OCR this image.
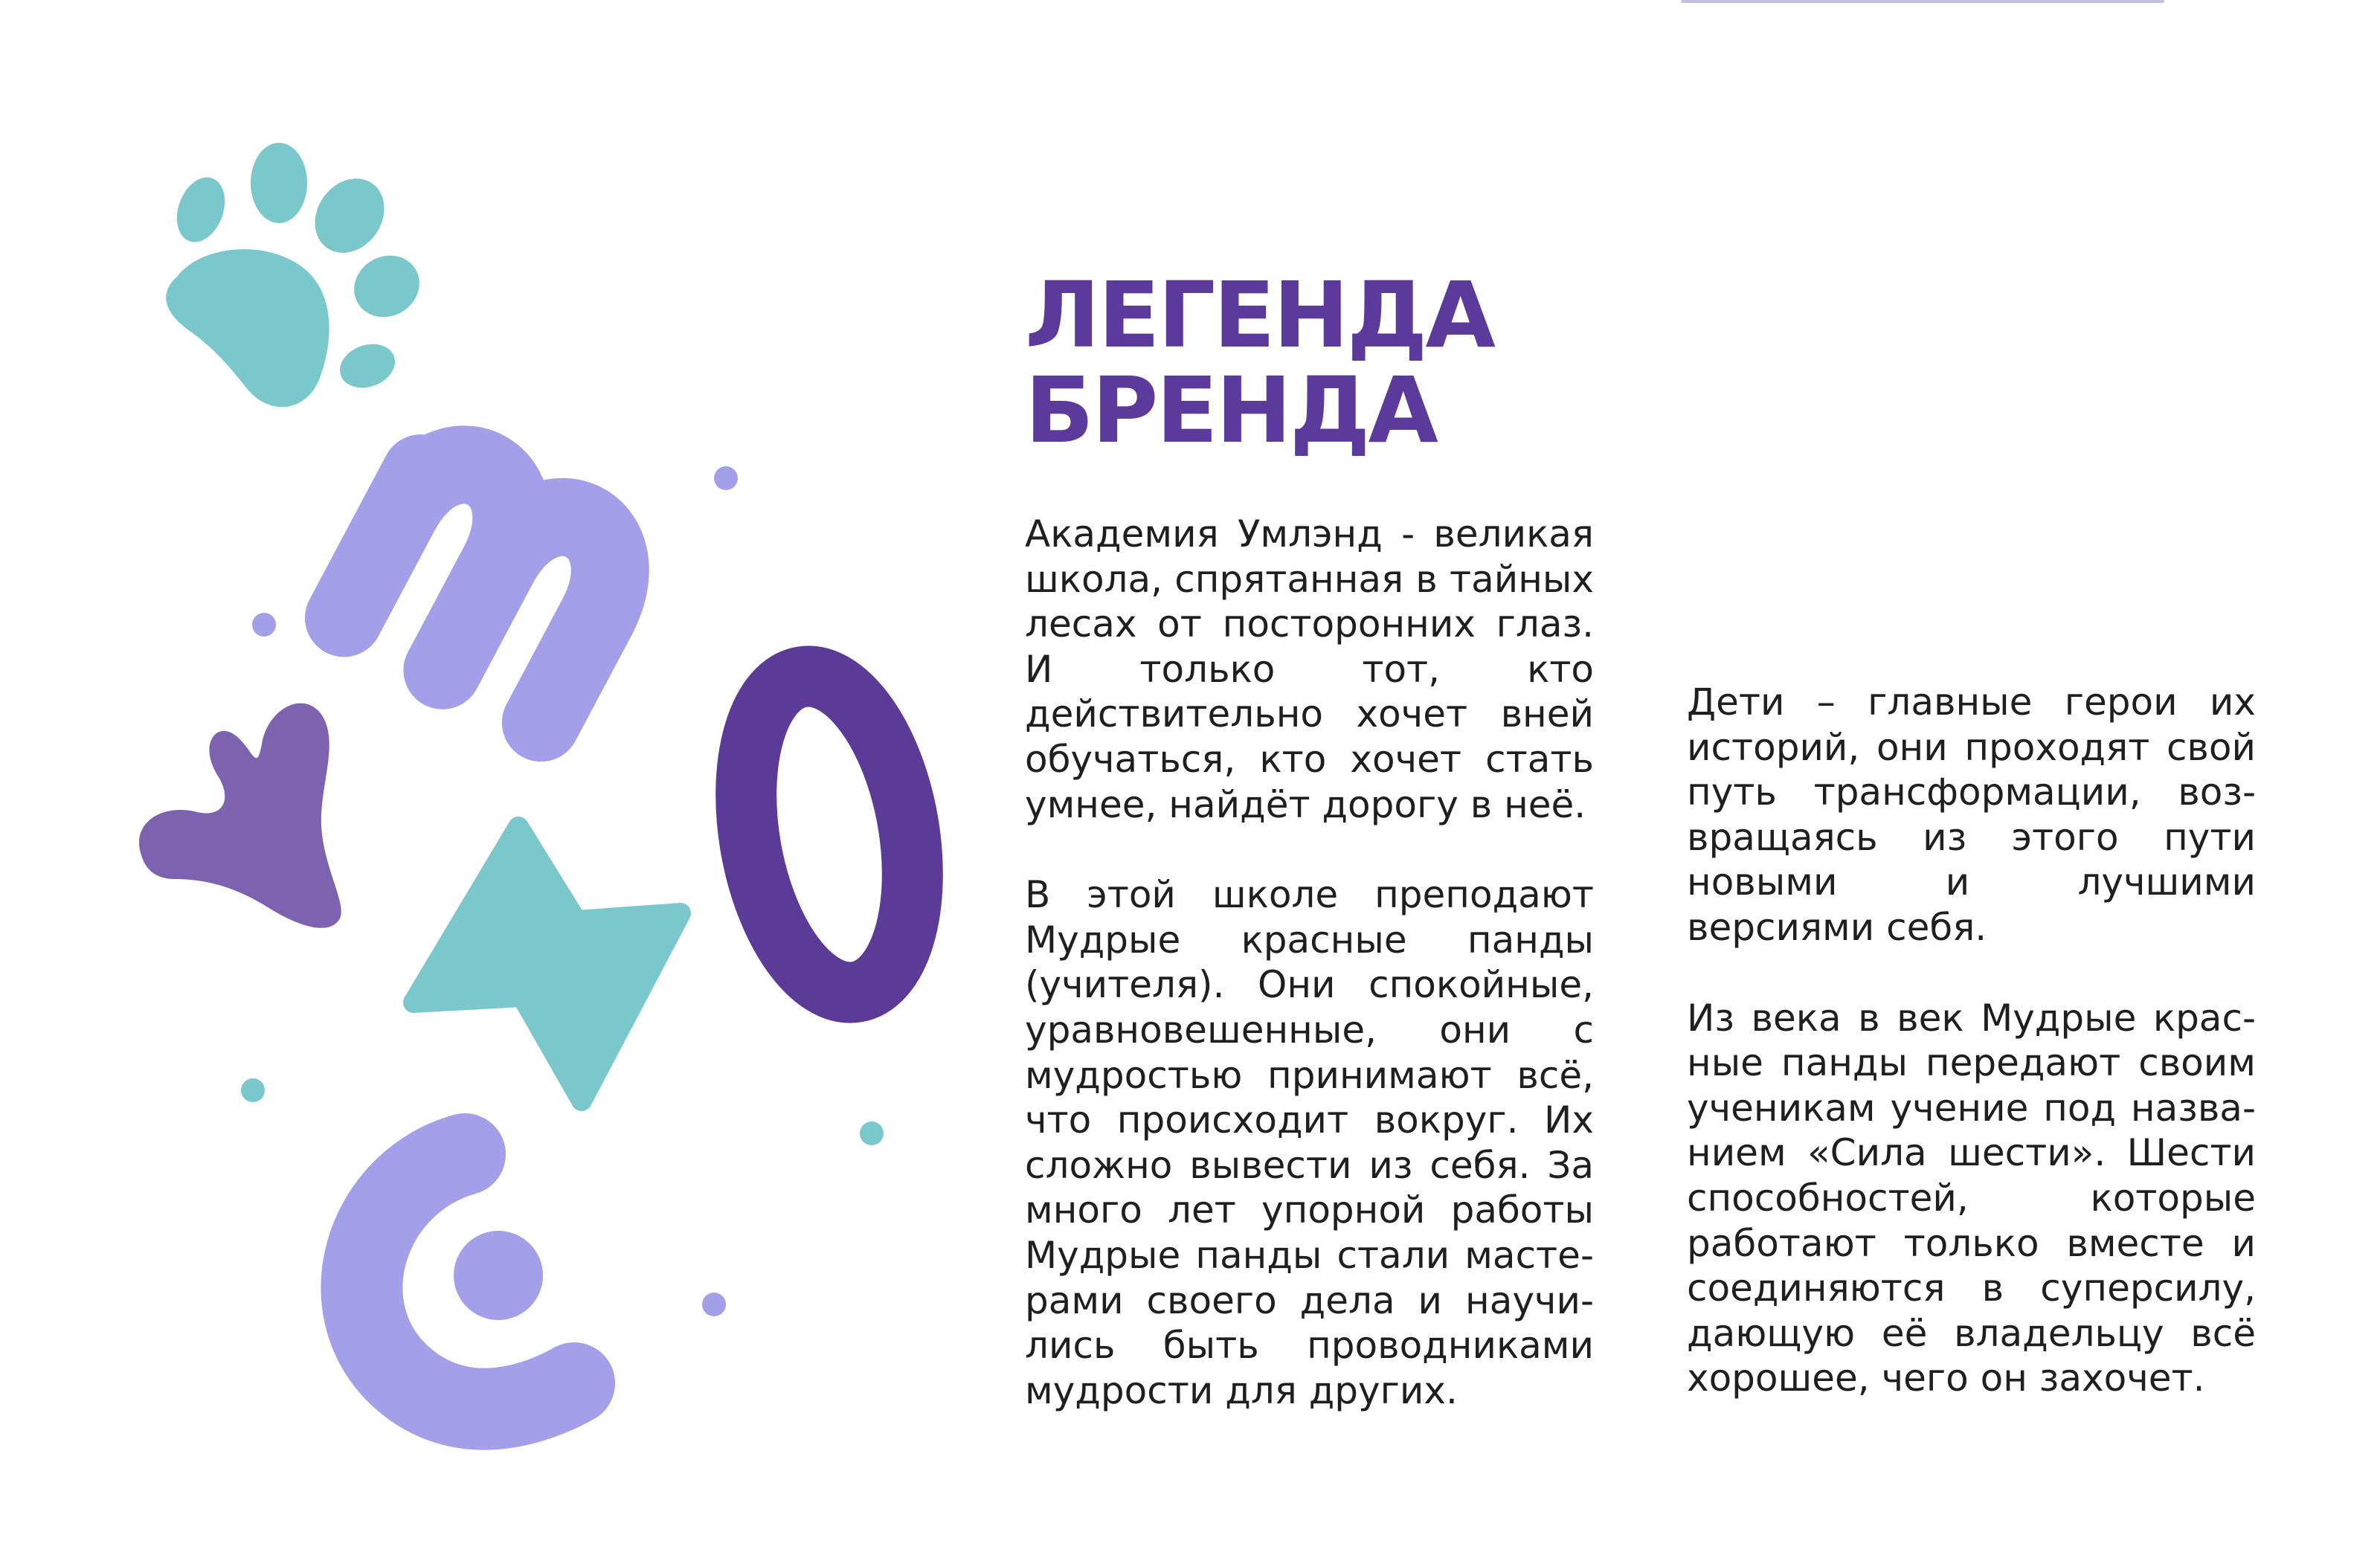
ЛЕГЕНДА
БРЕНДА

Академия Умлэнд - великая школа, спрятанная в тайных лесах от посторонних глаз. И только тот, кто действительно хочет вней обучаться, кто хочет стать умнее, найдёт дорогу в неё.

В этой школе преподают Мудрые красные панды (учителя). Они спокойные, уравновешенные, они с мудростью принимают всё, что происходит вокруг. Их сложно вывести из себя. За много лет упорной работы Мудрые панды стали мастерами своего дела и научились быть проводниками мудрости для других.

Дети – главные герои их историй, они проходят свой путь трансформации, возвращаясь из этого пути новыми и лучшими версиями себя.

Из века в век Мудрые красные панды передают своим ученикам учение под названием «Сила шести». Шести способностей, которые работают только вместе и соединяются в суперсилу, дающую её владельцу всё хорошее, чего он захочет.
